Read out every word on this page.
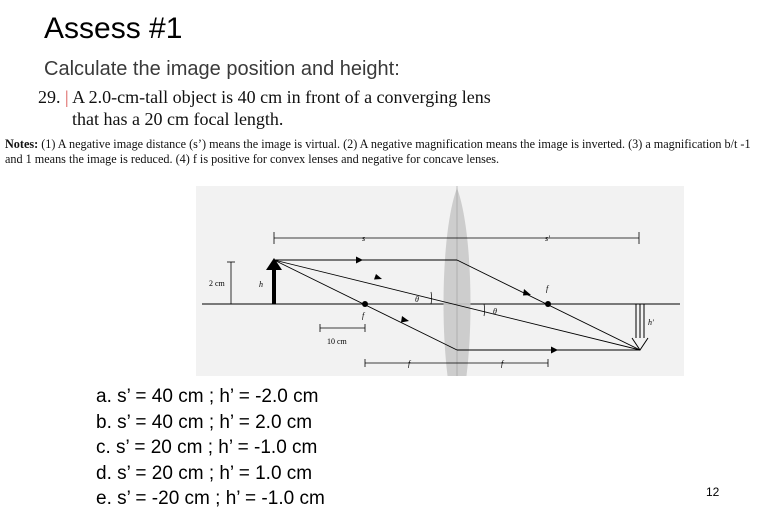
Assess #1
Calculate the image position and height:
29. | A 2.0-cm-tall object is 40 cm in front of a converging lens
that has a 20 cm focal length.
Notes: (1) A negative image distance (s’) means the image is virtual. (2) A negative magnification means the image is inverted. (3) a magnification b/t -1 and 1 means the image is reduced. (4) f is positive for convex lenses and negative for concave lenses.
s	s′
2 cm	h
f
f
θ
θ
10 cm
f	f
h′
a. s’ = 40 cm ; h’ = -2.0 cm
b. s’ = 40 cm ; h’ = 2.0 cm
c. s’ = 20 cm ; h’ = -1.0 cm
d. s’ = 20 cm ; h’ = 1.0 cm
e. s’ = -20 cm ; h’ = -1.0 cm	12
